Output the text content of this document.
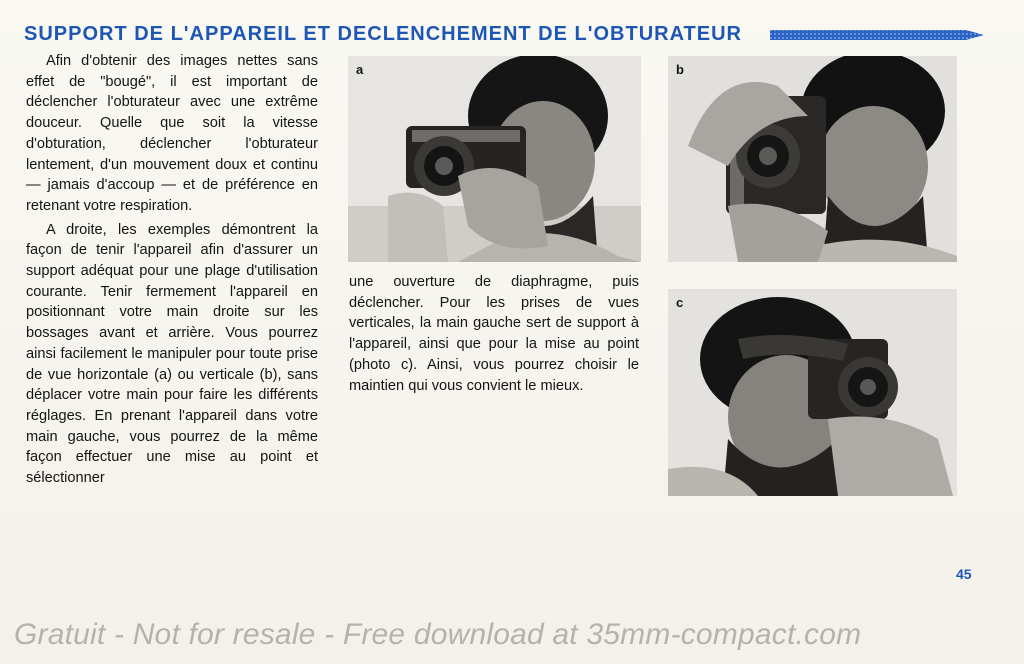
SUPPORT DE L'APPAREIL ET DECLENCHEMENT DE L'OBTURATEUR

Afin d'obtenir des images nettes sans effet de "bougé", il est important de déclencher l'obturateur avec une extrême douceur. Quelle que soit la vitesse d'obturation, déclencher l'obturateur lentement, d'un mouvement doux et continu — jamais d'accoup — et de préférence en retenant votre respiration.

A droite, les exemples démontrent la façon de tenir l'appareil afin d'assurer un support adéquat pour une plage d'utilisation courante. Tenir fermement l'appareil en positionnant votre main droite sur les bossages avant et arrière. Vous pourrez ainsi facilement le manipuler pour toute prise de vue horizontale (a) ou verticale (b), sans déplacer votre main pour faire les différents réglages. En prenant l'appareil dans votre main gauche, vous pourrez de la même façon effectuer une mise au point et sélectionner

une ouverture de diaphragme, puis déclencher. Pour les prises de vues verticales, la main gauche sert de support à l'appareil, ainsi que pour la mise au point (photo c). Ainsi, vous pourrez choisir le maintien qui vous convient le mieux.

a	b
c
45
Gratuit - Not for resale - Free download at 35mm-compact.com
